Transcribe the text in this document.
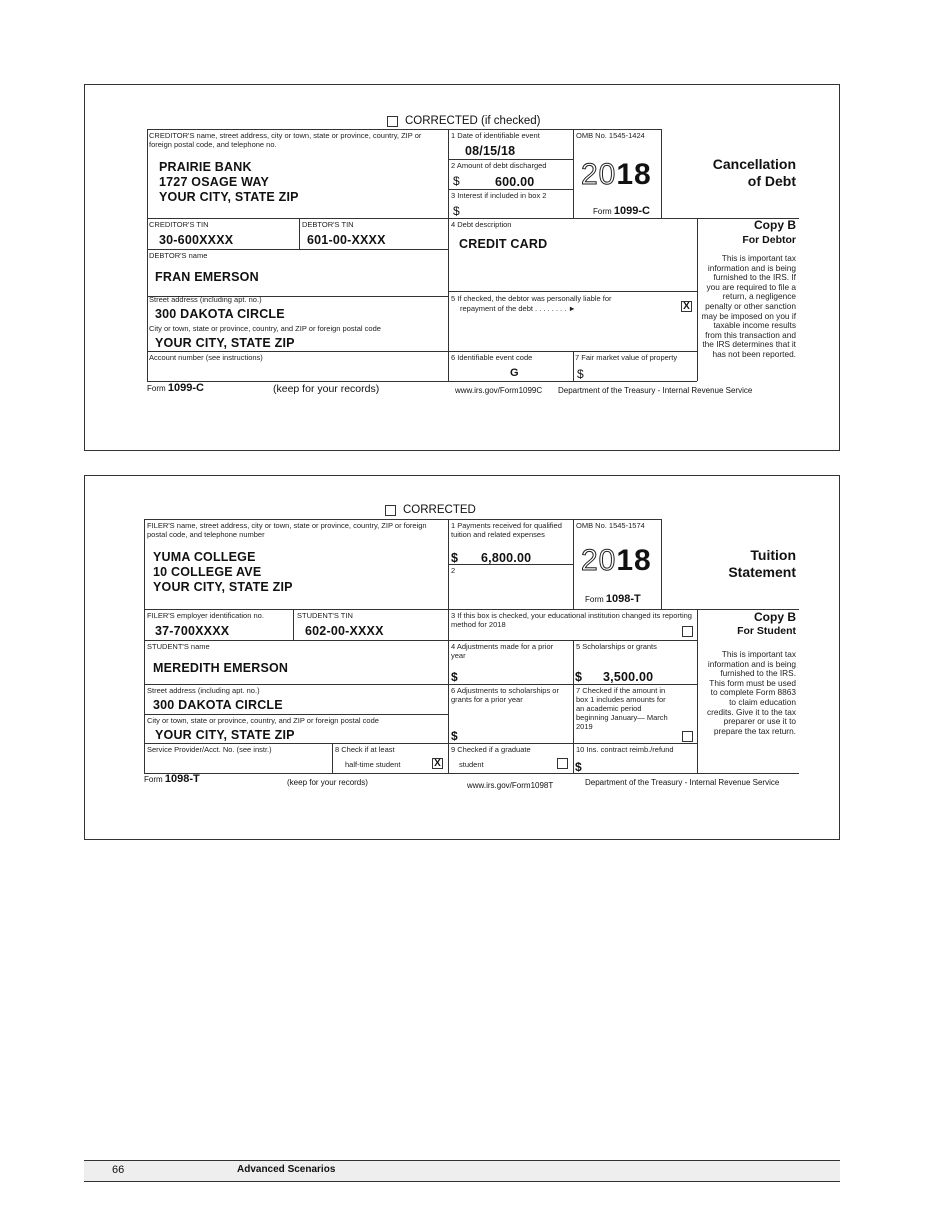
CORRECTED (if checked)
CREDITOR'S name, street address, city or town, state or province, country, ZIP or foreign postal code, and telephone no.
PRAIRIE BANK
1727 OSAGE WAY
YOUR CITY, STATE ZIP
1 Date of identifiable event
08/15/18
2 Amount of debt discharged
$	600.00
3 Interest if included in box 2
$
OMB No. 1545-1424
2018
Form 1099-C
Cancellation
of Debt
CREDITOR'S TIN
30-600XXXX
DEBTOR'S TIN
601-00-XXXX
4 Debt description
CREDIT CARD
Copy B
For Debtor
This is important tax information and is being furnished to the IRS. If you are required to file a return, a negligence penalty or other sanction may be imposed on you if taxable income results from this transaction and the IRS determines that it has not been reported.
DEBTOR'S name
FRAN EMERSON
Street address (including apt. no.)
300 DAKOTA CIRCLE
City or town, state or province, country, and ZIP or foreign postal code
YOUR CITY, STATE ZIP
5 If checked, the debtor was personally liable for
repayment of the debt . . . . . . . . ►	X
Account number (see instructions)	6 Identifiable event code
G
7 Fair market value of property
$
Form 1099-C	(keep for your records)	www.irs.gov/Form1099C Department of the Treasury - Internal Revenue Service
CORRECTED
FILER'S name, street address, city or town, state or province, country, ZIP or foreign postal code, and telephone number
YUMA COLLEGE
10 COLLEGE AVE
YOUR CITY, STATE ZIP
1 Payments received for qualified tuition and related expenses
$ 6,800.00
2
OMB No. 1545-1574
2018
Form 1098-T
Tuition
Statement
FILER'S employer identification no.
37-700XXXX
STUDENT'S TIN
602-00-XXXX
3 If this box is checked, your educational institution changed its reporting method for 2018
Copy B
For Student
This is important tax information and is being furnished to the IRS. This form must be used to complete Form 8863 to claim education credits. Give it to the tax preparer or use it to prepare the tax return.
STUDENT'S name
MEREDITH EMERSON
Street address (including apt. no.)
300 DAKOTA CIRCLE
City or town, state or province, country, and ZIP or foreign postal code
YOUR CITY, STATE ZIP
4 Adjustments made for a prior year
$
5 Scholarships or grants
$ 3,500.00
6 Adjustments to scholarships or grants for a prior year
$
7 Checked if the amount in box 1 includes amounts for an academic period beginning January— March 2019
Service Provider/Acct. No. (see instr.)	8 Check if at least
half-time student	X
9 Checked if a graduate
student
10 Ins. contract reimb./refund
$
Form 1098-T	(keep for your records)	www.irs.gov/Form1098T	Department of the Treasury - Internal Revenue Service
66	Advanced Scenarios
